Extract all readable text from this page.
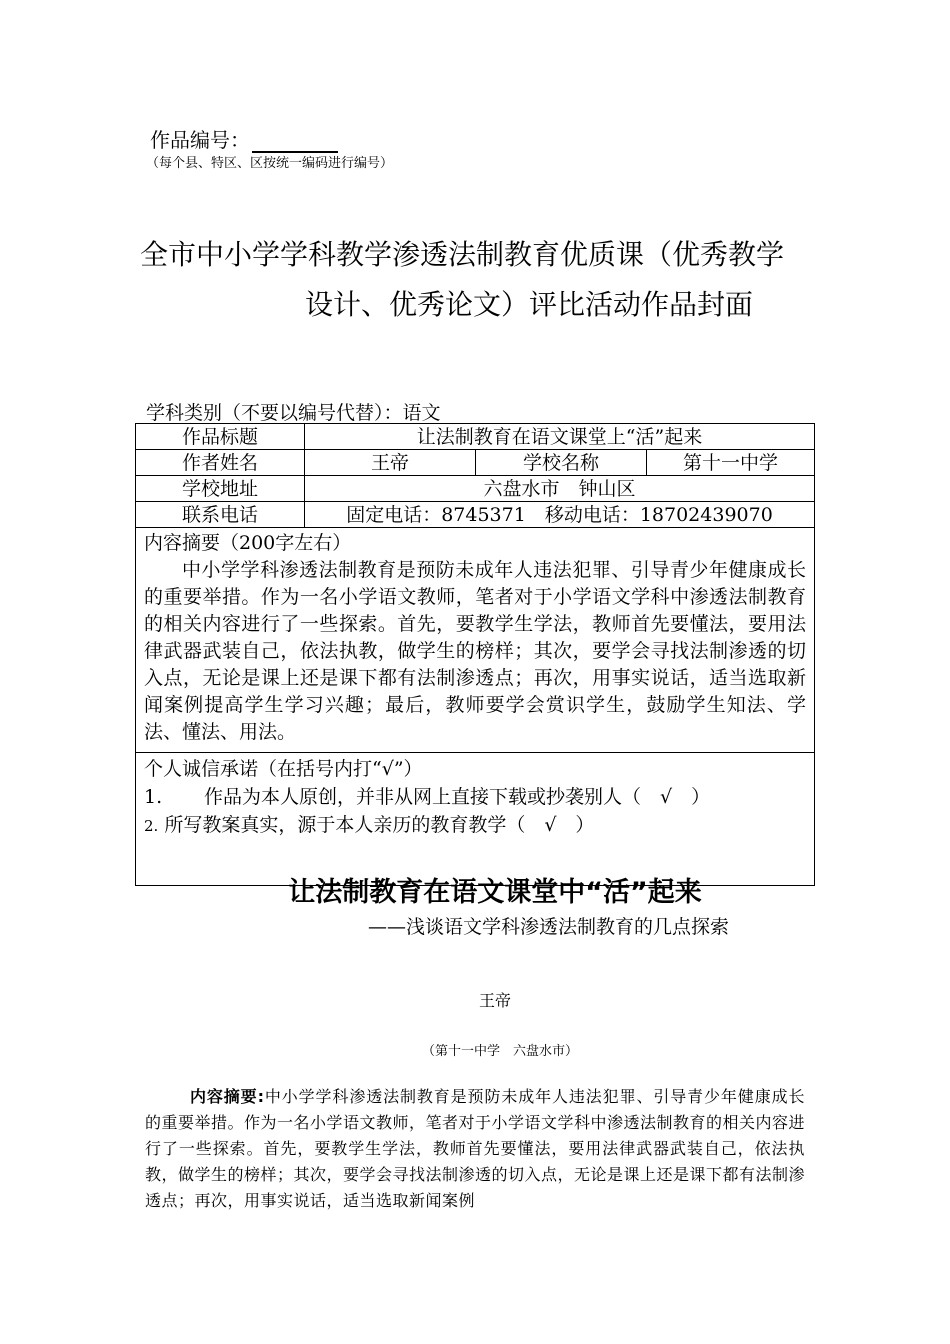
作品编号：
（每个县、特区、区按统一编码进行编号）
全市中小学学科教学渗透法制教育优质课（优秀教学
设计、优秀论文）评比活动作品封面
学科类别（不要以编号代替）：语文
作品标题	让法制教育在语文课堂上“活”起来		
作者姓名	王帝	学校名称	第十一中学
学校地址	六盘水市　钟山区		
联系电话	固定电话：8745371　移动电话：18702439070		

内容摘要（200字左右）
中小学学科渗透法制教育是预防未成年人违法犯罪、引导青少年健康成长的重要举措。作为一名小学语文教师，笔者对于小学语文学科中渗透法制教育的相关内容进行了一些探索。首先，要教学生学法，教师首先要懂法，要用法律武器武装自己，依法执教，做学生的榜样；其次，要学会寻找法制渗透的切入点，无论是课上还是课下都有法制渗透点；再次，用事实说话，适当选取新闻案例提高学生学习兴趣；最后，教师要学会赏识学生，鼓励学生知法、学法、懂法、用法。			

个人诚信承诺（在括号内打“√”）
1. 作品为本人原创，并非从网上直接下载或抄袭别人（　√　）
2. 所写教案真实，源于本人亲历的教育教学（　√　）			
让法制教育在语文课堂中“活”起来
——浅谈语文学科渗透法制教育的几点探索
王帝
（第十一中学　六盘水市）
内容摘要:中小学学科渗透法制教育是预防未成年人违法犯罪、引导青少年健康成长的重要举措。作为一名小学语文教师，笔者对于小学语文学科中渗透法制教育的相关内容进行了一些探索。首先，要教学生学法，教师首先要懂法，要用法律武器武装自己，依法执教，做学生的榜样；其次，要学会寻找法制渗透的切入点，无论是课上还是课下都有法制渗透点；再次，用事实说话，适当选取新闻案例
